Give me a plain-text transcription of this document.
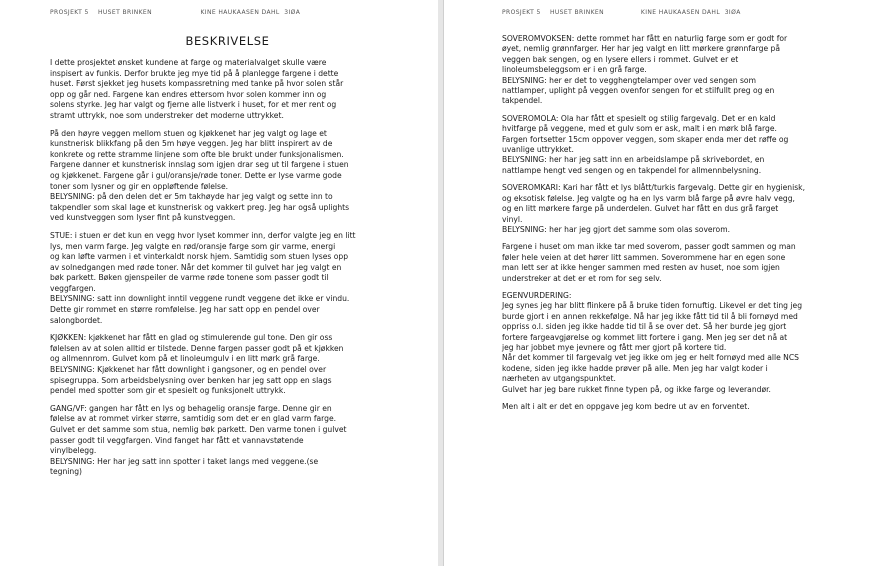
PROSJEKT 5    HUSET BRINKEN                     KINE HAUKAASEN DAHL  3IØA
BESKRIVELSE

I dette prosjektet ønsket kundene at farge og materialvalget skulle være
inspisert av funkis. Derfor brukte jeg mye tid på å planlegge fargene i dette
huset. Først sjekket jeg husets kompassretning med tanke på hvor solen står
opp og går ned. Fargene kan endres ettersom hvor solen kommer inn og
solens styrke. Jeg har valgt og fjerne alle listverk i huset, for et mer rent og
stramt uttrykk, noe som understreker det moderne uttrykket.

På den høyre veggen mellom stuen og kjøkkenet har jeg valgt og lage et
kunstnerisk blikkfang på den 5m høye veggen. Jeg har blitt inspirert av de
konkrete og rette stramme linjene som ofte ble brukt under funksjonalismen.
Fargene danner et kunstnerisk innslag som igjen drar seg ut til fargene i stuen
og kjøkkenet. Fargene går i gul/oransje/røde toner. Dette er lyse varme gode
toner som lysner og gir en oppløftende følelse.
BELYSNING: på den delen det er 5m takhøyde har jeg valgt og sette inn to
takpendler som skal lage et kunstnerisk og vakkert preg. Jeg har også uplights
ved kunstveggen som lyser fint på kunstveggen.

STUE: i stuen er det kun en vegg hvor lyset kommer inn, derfor valgte jeg en litt
lys, men varm farge. Jeg valgte en rød/oransje farge som gir varme, energi
og kan løfte varmen i et vinterkaldt norsk hjem. Samtidig som stuen lyses opp
av solnedgangen med røde toner. Når det kommer til gulvet har jeg valgt en
bøk parkett. Bøken gjenspeiler de varme røde tonene som passer godt til
veggfargen.
BELYSNING: satt inn downlight inntil veggene rundt veggene det ikke er vindu.
Dette gir rommet en større romfølelse. Jeg har satt opp en pendel over
salongbordet.

KJØKKEN: kjøkkenet har fått en glad og stimulerende gul tone. Den gir oss
følelsen av at solen alltid er tilstede. Denne fargen passer godt på et kjøkken
og allmennrom. Gulvet kom på et linoleumgulv i en litt mørk grå farge.
BELYSNING: Kjøkkenet har fått downlight i gangsoner, og en pendel over
spisegruppa. Som arbeidsbelysning over benken har jeg satt opp en slags
pendel med spotter som gir et spesielt og funksjonelt uttrykk.

GANG/VF: gangen har fått en lys og behagelig oransje farge. Denne gir en
følelse av at rommet virker større, samtidig som det er en glad varm farge.
Gulvet er det samme som stua, nemlig bøk parkett. Den varme tonen i gulvet
passer godt til veggfargen. Vind fanget har fått et vannavstøtende
vinylbelegg.
BELYSNING: Her har jeg satt inn spotter i taket langs med veggene.(se
tegning)

PROSJEKT 5    HUSET BRINKEN                KINE HAUKAASEN DAHL  3IØA

SOVEROMVOKSEN: dette rommet har fått en naturlig farge som er godt for
øyet, nemlig grønnfarger. Her har jeg valgt en litt mørkere grønnfarge på
veggen bak sengen, og en lysere ellers i rommet. Gulvet er et
linoleumsbeleggsom er i en grå farge.
BELYSNING: her er det to vegghengtelamper over ved sengen som
nattlamper, uplight på veggen ovenfor sengen for et stilfullt preg og en
takpendel.

SOVEROMOLA: Ola har fått et spesielt og stilig fargevalg. Det er en kald
hvitfarge på veggene, med et gulv som er ask, malt i en mørk blå farge.
Fargen fortsetter 15cm oppover veggen, som skaper enda mer det røffe og
uvanlige uttrykket.
BELYSNING: her har jeg satt inn en arbeidslampe på skrivebordet, en
nattlampe hengt ved sengen og en takpendel for allmennbelysning.

SOVEROMKARI: Kari har fått et lys blått/turkis fargevalg. Dette gir en hygienisk,
og eksotisk følelse. Jeg valgte og ha en lys varm blå farge på øvre halv vegg,
og en litt mørkere farge på underdelen. Gulvet har fått en dus grå farget
vinyl.
BELYSNING: her har jeg gjort det samme som olas soverom.

Fargene i huset om man ikke tar med soverom, passer godt sammen og man
føler hele veien at det hører litt sammen. Soverommene har en egen sone
man lett ser at ikke henger sammen med resten av huset, noe som igjen
understreker at det er et rom for seg selv.

EGENVURDERING:
Jeg synes jeg har blitt flinkere på å bruke tiden fornuftig. Likevel er det ting jeg
burde gjort i en annen rekkefølge. Nå har jeg ikke fått tid til å bli fornøyd med
oppriss o.l. siden jeg ikke hadde tid til å se over det. Så her burde jeg gjort
fortere fargeavgjørelse og kommet litt fortere i gang. Men jeg ser det nå at
jeg har jobbet mye jevnere og fått mer gjort på kortere tid.
Når det kommer til fargevalg vet jeg ikke om jeg er helt fornøyd med alle NCS
kodene, siden jeg ikke hadde prøver på alle. Men jeg har valgt koder i
nærheten av utgangspunktet.
Gulvet har jeg bare rukket finne typen på, og ikke farge og leverandør.

Men alt i alt er det en oppgave jeg kom bedre ut av en forventet.
